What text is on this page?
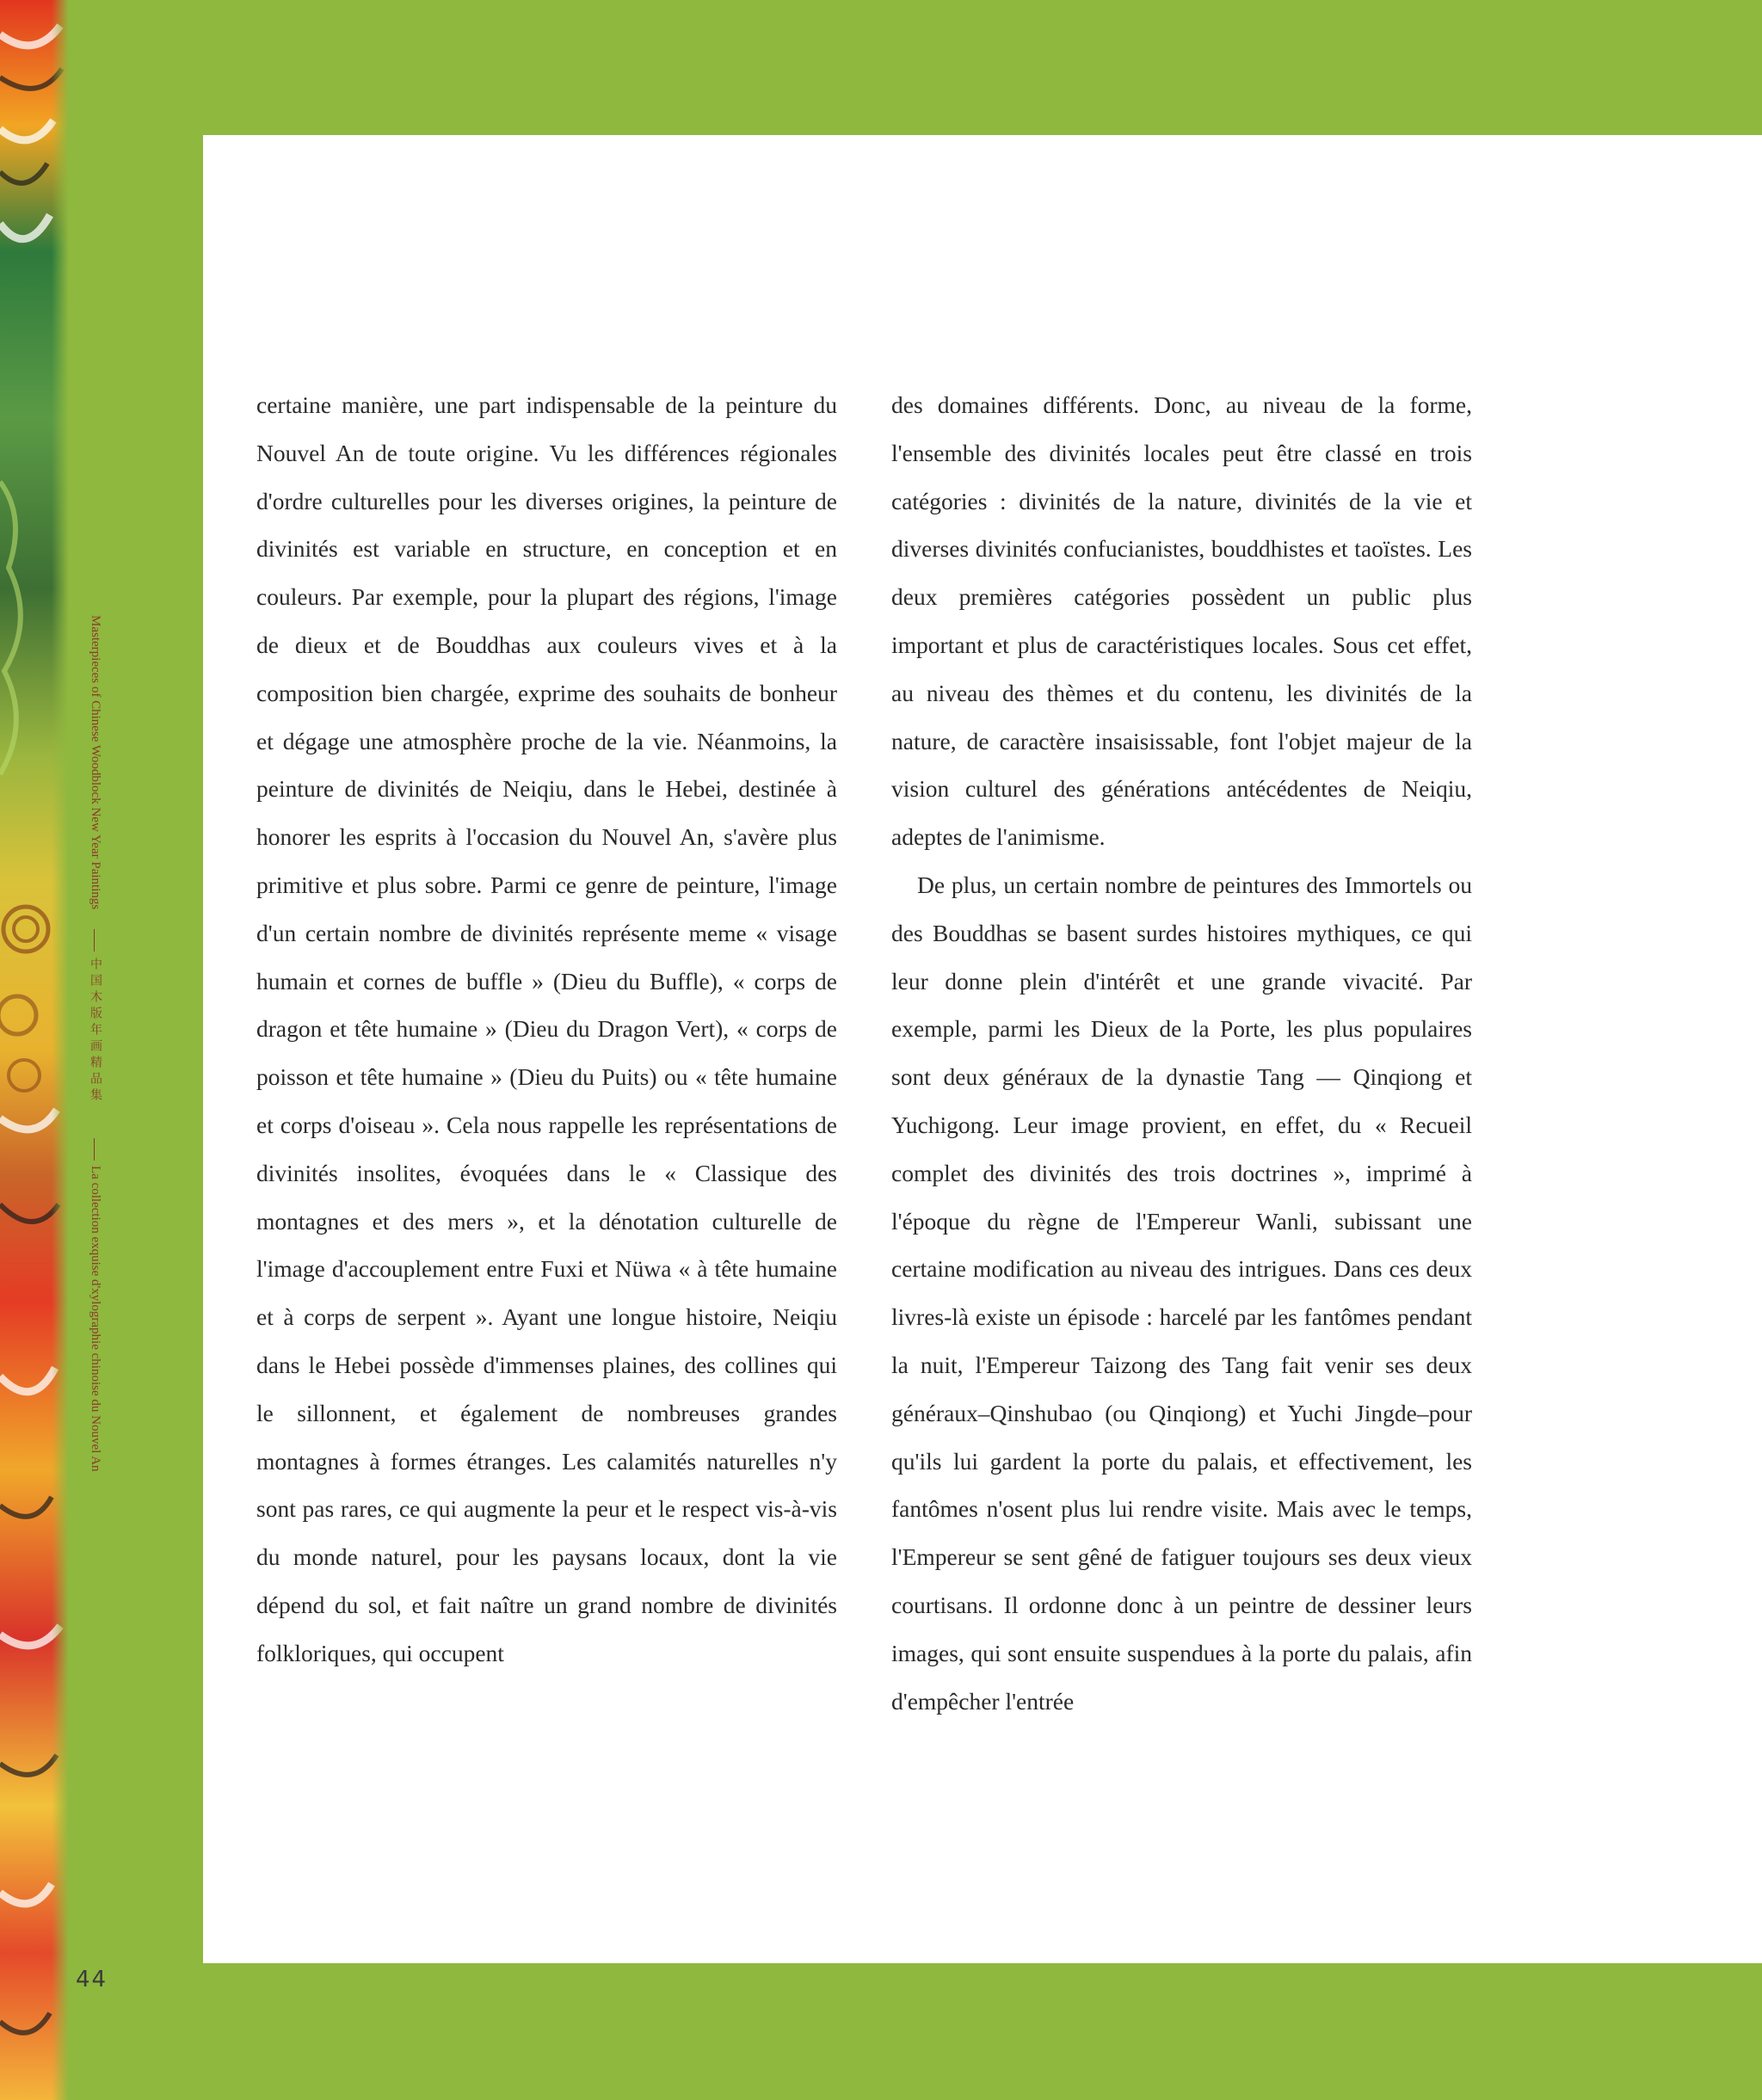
Masterpieces of Chinese Woodblock New Year Paintings
中国木版年画精品集
La collection exquise d'xylographie chinoise du Nouvel An

certaine manière, une part indispensable de la peinture du Nouvel An de toute origine. Vu les différences régionales d'ordre culturelles pour les diverses origines, la peinture de divinités est variable en structure, en conception et en couleurs. Par exemple, pour la plupart des régions, l'image de dieux et de Bouddhas aux couleurs vives et à la composition bien chargée, exprime des souhaits de bonheur et dégage une atmosphère proche de la vie. Néanmoins, la peinture de divinités de Neiqiu, dans le Hebei, destinée à honorer les esprits à l'occasion du Nouvel An, s'avère plus primitive et plus sobre. Parmi ce genre de peinture, l'image d'un certain nombre de divinités représente meme « visage humain et cornes de buffle » (Dieu du Buffle), « corps de dragon et tête humaine » (Dieu du Dragon Vert), « corps de poisson et tête humaine » (Dieu du Puits) ou « tête humaine et corps d'oiseau ». Cela nous rappelle les représentations de divinités insolites, évoquées dans le « Classique des montagnes et des mers », et la dénotation culturelle de l'image d'accouplement entre Fuxi et Nüwa « à tête humaine et à corps de serpent ». Ayant une longue histoire, Neiqiu dans le Hebei possède d'immenses plaines, des collines qui le sillonnent, et également de nombreuses grandes montagnes à formes étranges. Les calamités naturelles n'y sont pas rares, ce qui augmente la peur et le respect vis-à-vis du monde naturel, pour les paysans locaux, dont la vie dépend du sol, et fait naître un grand nombre de divinités folkloriques, qui occupent

des domaines différents. Donc, au niveau de la forme, l'ensemble des divinités locales peut être classé en trois catégories : divinités de la nature, divinités de la vie et diverses divinités confucianistes, bouddhistes et taoïstes. Les deux premières catégories possèdent un public plus important et plus de caractéristiques locales. Sous cet effet, au niveau des thèmes et du contenu, les divinités de la nature, de caractère insaisissable, font l'objet majeur de la vision culturel des générations antécédentes de Neiqiu, adeptes de l'animisme.

De plus, un certain nombre de peintures des Immortels ou des Bouddhas se basent surdes histoires mythiques, ce qui leur donne plein d'intérêt et une grande vivacité. Par exemple, parmi les Dieux de la Porte, les plus populaires sont deux généraux de la dynastie Tang — Qinqiong et Yuchigong. Leur image provient, en effet, du « Recueil complet des divinités des trois doctrines », imprimé à l'époque du règne de l'Empereur Wanli, subissant une certaine modification au niveau des intrigues. Dans ces deux livres-là existe un épisode : harcelé par les fantômes pendant la nuit, l'Empereur Taizong des Tang fait venir ses deux généraux–Qinshubao (ou Qinqiong) et Yuchi Jingde–pour qu'ils lui gardent la porte du palais, et effectivement, les fantômes n'osent plus lui rendre visite. Mais avec le temps, l'Empereur se sent gêné de fatiguer toujours ses deux vieux courtisans. Il ordonne donc à un peintre de dessiner leurs images, qui sont ensuite suspendues à la porte du palais, afin d'empêcher l'entrée

44
